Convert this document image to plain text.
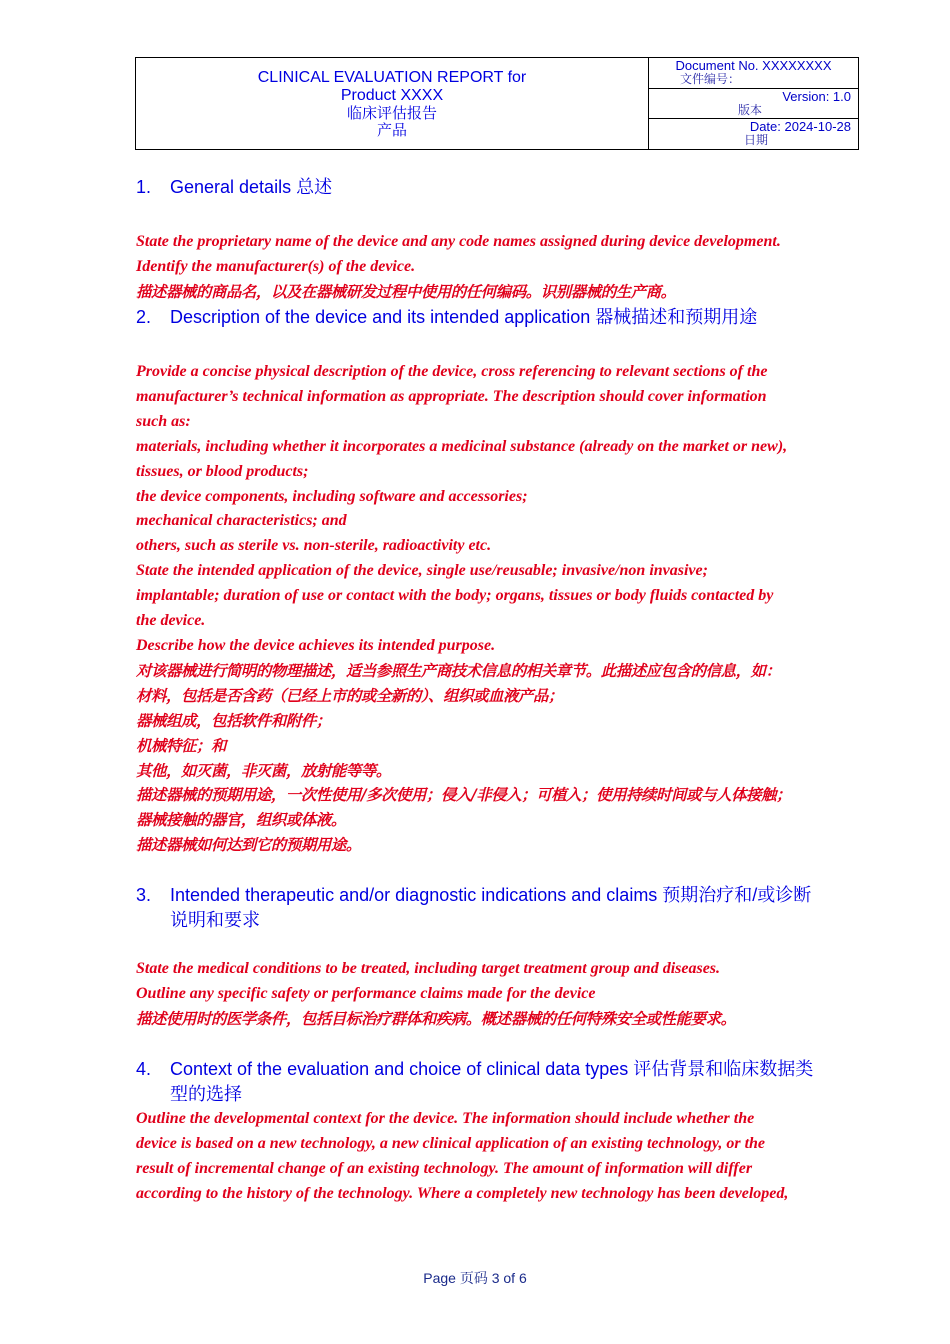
CLINICAL EVALUATION REPORT for
Product XXXX
临床评估报告
产品
Document No. XXXXXXXX
文件编号：
Version: 1.0
版本
Date: 2024-10-28
日期
1.	General details 总述
State the proprietary name of the device and any code names assigned during device development.
Identify the manufacturer(s) of the device.
描述器械的商品名，以及在器械研发过程中使用的任何编码。识别器械的生产商。
2.	Description of the device and its intended application 器械描述和预期用途
Provide a concise physical description of the device, cross referencing to relevant sections of the
manufacturer’s technical information as appropriate. The description should cover information
such as:
materials, including whether it incorporates a medicinal substance (already on the market or new),
tissues, or blood products;
the device components, including software and accessories;
mechanical characteristics; and
others, such as sterile vs. non-sterile, radioactivity etc.
State the intended application of the device, single use/reusable; invasive/non invasive;
implantable; duration of use or contact with the body; organs, tissues or body fluids contacted by
the device.
Describe how the device achieves its intended purpose.
对该器械进行简明的物理描述，适当参照生产商技术信息的相关章节。此描述应包含的信息，如：
材料，包括是否含药（已经上市的或全新的）、组织或血液产品；
器械组成，包括软件和附件；
机械特征；和
其他，如灭菌，非灭菌，放射能等等。
描述器械的预期用途，一次性使用/多次使用；侵入/非侵入；可植入；使用持续时间或与人体接触；
器械接触的器官，组织或体液。
描述器械如何达到它的预期用途。
3.	Intended therapeutic and/or diagnostic indications and claims 预期治疗和/或诊断
说明和要求
State the medical conditions to be treated, including target treatment group and diseases.
Outline any specific safety or performance claims made for the device
描述使用时的医学条件，包括目标治疗群体和疾病。概述器械的任何特殊安全或性能要求。
4.	Context of the evaluation and choice of clinical data types 评估背景和临床数据类
型的选择
Outline the developmental context for the device. The information should include whether the
device is based on a new technology, a new clinical application of an existing technology, or the
result of incremental change of an existing technology. The amount of information will differ
according to the history of the technology. Where a completely new technology has been developed,
Page 页码 3 of 6
